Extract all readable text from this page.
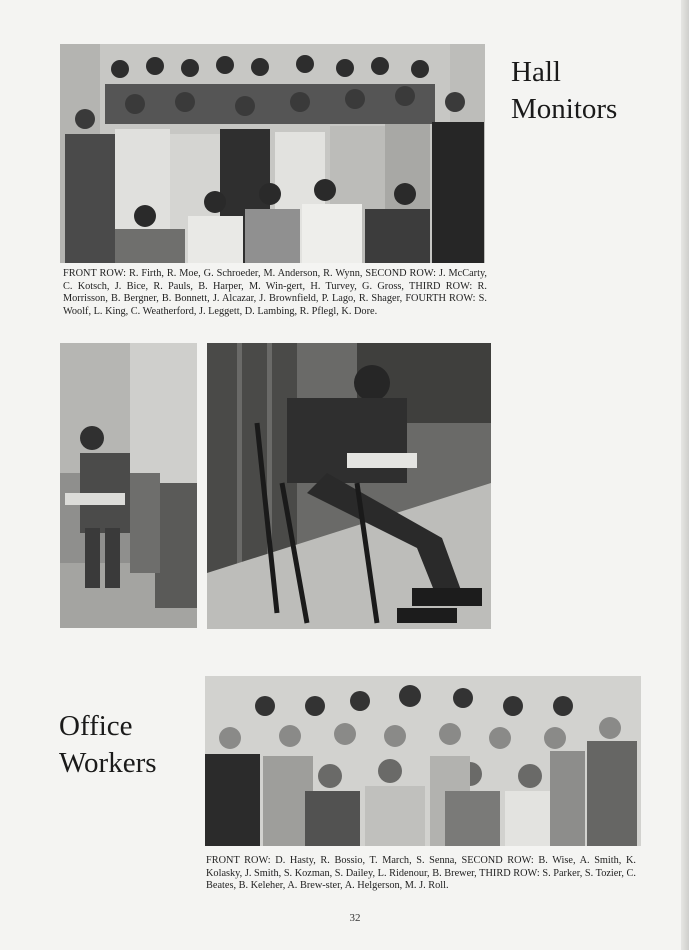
Hall
Monitors

FRONT ROW: R. Firth, R. Moe, G. Schroeder, M. Anderson, R. Wynn, SECOND ROW: J. McCarty, C. Kotsch, J. Bice, R. Pauls, B. Harper, M. Win-gert, H. Turvey, G. Gross, THIRD ROW: R. Morrisson, B. Bergner, B. Bonnett, J. Alcazar, J. Brownfield, P. Lago, R. Shager, FOURTH ROW: S. Woolf, L. King, C. Weatherford, J. Leggett, D. Lambing, R. Pflegl, K. Dore.

Office
Workers

FRONT ROW: D. Hasty, R. Bossio, T. March, S. Senna, SECOND ROW: B. Wise, A. Smith, K. Kolasky, J. Smith, S. Kozman, S. Dailey, L. Ridenour, B. Brewer, THIRD ROW: S. Parker, S. Tozier, C. Beates, B. Keleher, A. Brew-ster, A. Helgerson, M. J. Roll.

32
